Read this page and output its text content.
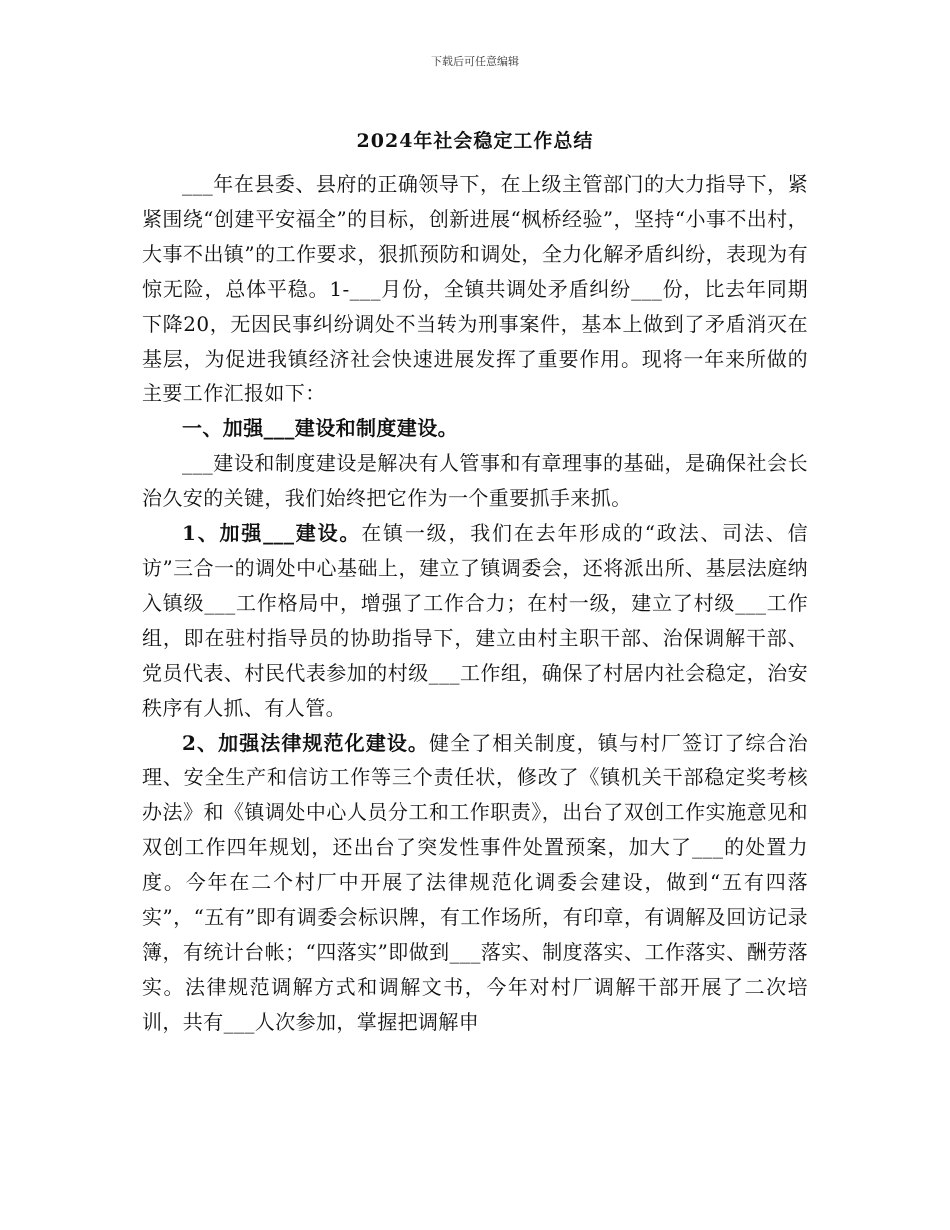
下载后可任意编辑
2024年社会稳定工作总结

___年在县委、县府的正确领导下，在上级主管部门的大力指导下，紧紧围绕“创建平安福全”的目标，创新进展“枫桥经验”，坚持“小事不出村，大事不出镇”的工作要求，狠抓预防和调处，全力化解矛盾纠纷，表现为有惊无险，总体平稳。1-___月份，全镇共调处矛盾纠纷___份，比去年同期下降20，无因民事纠纷调处不当转为刑事案件，基本上做到了矛盾消灭在基层，为促进我镇经济社会快速进展发挥了重要作用。现将一年来所做的主要工作汇报如下：

一、加强___建设和制度建设。

___建设和制度建设是解决有人管事和有章理事的基础，是确保社会长治久安的关键，我们始终把它作为一个重要抓手来抓。

1、加强___建设。在镇一级，我们在去年形成的“政法、司法、信访”三合一的调处中心基础上，建立了镇调委会，还将派出所、基层法庭纳入镇级___工作格局中，增强了工作合力；在村一级，建立了村级___工作组，即在驻村指导员的协助指导下，建立由村主职干部、治保调解干部、党员代表、村民代表参加的村级___工作组，确保了村居内社会稳定，治安秩序有人抓、有人管。

2、加强法律规范化建设。健全了相关制度，镇与村厂签订了综合治理、安全生产和信访工作等三个责任状，修改了《镇机关干部稳定奖考核办法》和《镇调处中心人员分工和工作职责》，出台了双创工作实施意见和双创工作四年规划，还出台了突发性事件处置预案，加大了___的处置力度。今年在二个村厂中开展了法律规范化调委会建设，做到“五有四落实”，“五有”即有调委会标识牌，有工作场所，有印章，有调解及回访记录簿，有统计台帐；“四落实”即做到___落实、制度落实、工作落实、酬劳落实。法律规范调解方式和调解文书，今年对村厂调解干部开展了二次培训，共有___人次参加，掌握把调解申
